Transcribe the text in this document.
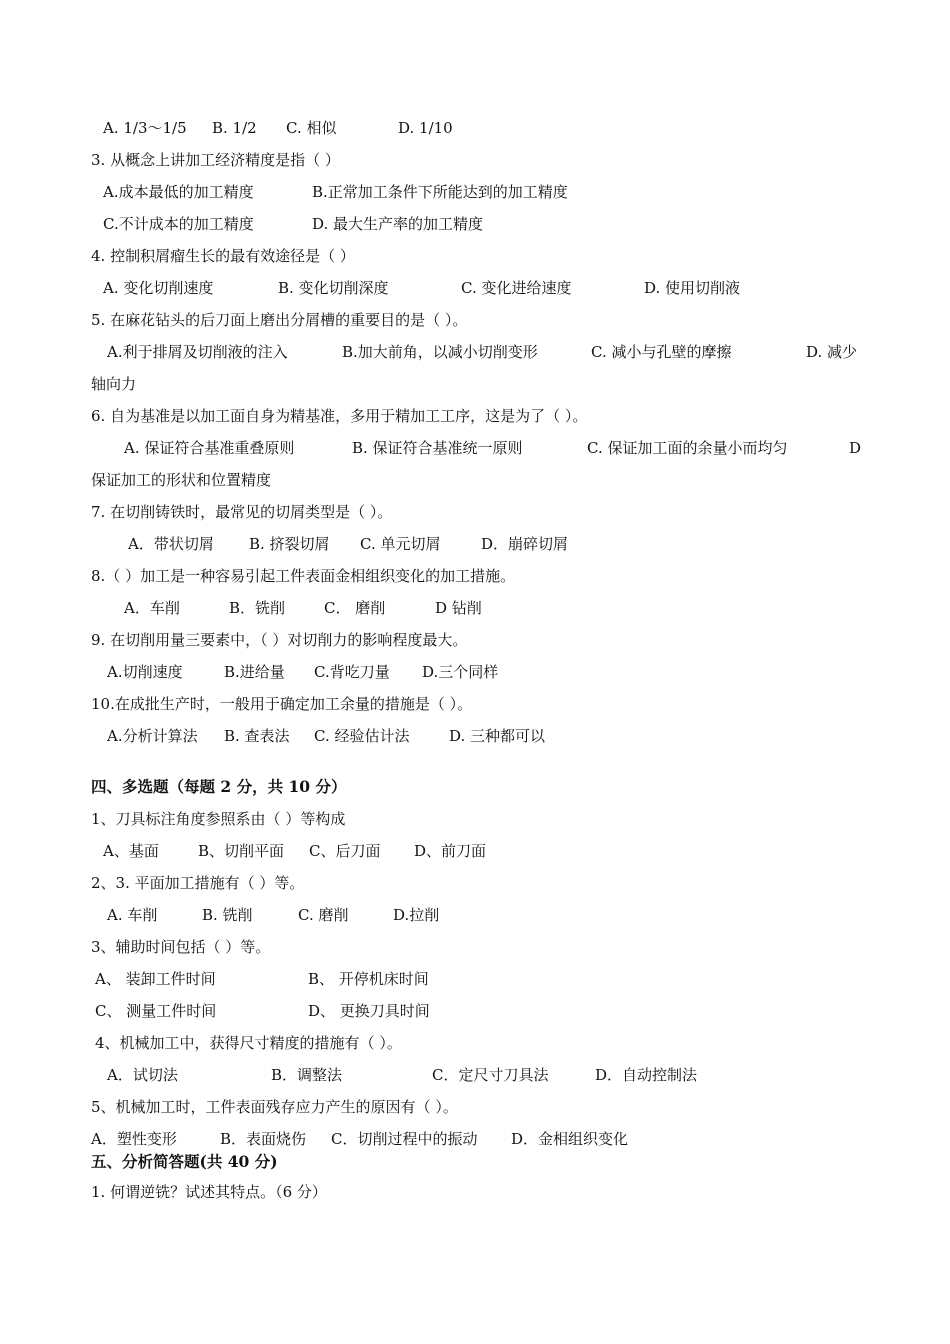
A. 1/3～1/5 B. 1/2 C. 相似	D. 1/10
3. 从概念上讲加工经济精度是指（ ）
A.成本最低的加工精度	B.正常加工条件下所能达到的加工精度
C.不计成本的加工精度	D. 最大生产率的加工精度
4. 控制积屑瘤生长的最有效途径是（ ）
A. 变化切削速度	B. 变化切削深度	C. 变化进给速度	D. 使用切削液
5. 在麻花钻头的后刀面上磨出分屑槽的重要目的是（ ）。
A.利于排屑及切削液的注入	B.加大前角，以减小切削变形	C. 减小与孔壁的摩擦	D. 减少
轴向力
6. 自为基准是以加工面自身为精基准，多用于精加工工序，这是为了（ ）。
A. 保证符合基准重叠原则	B. 保证符合基准统一原则	C. 保证加工面的余量小而均匀	D
保证加工的形状和位置精度
7. 在切削铸铁时，最常见的切屑类型是（ ）。
A．带状切屑 B. 挤裂切屑 C. 单元切屑	D．崩碎切屑
8.（ ）加工是一种容易引起工件表面金相组织变化的加工措施。
A．车削	B．铣削	C． 磨削	D 钻削
9. 在切削用量三要素中，（ ）对切削力的影响程度最大。
A.切削速度	B.进给量 C.背吃刀量 D.三个同样
10.在成批生产时，一般用于确定加工余量的措施是（ ）。
A.分析计算法 B. 查表法 C. 经验估计法	D. 三种都可以
四、多选题（每题 2 分，共 10 分）
1、刀具标注角度参照系由（ ）等构成
A、基面	B、切削平面 C、后刀面 D、前刀面
2、3. 平面加工措施有（ ）等。
A. 车削	B. 铣削	C. 磨削	D.拉削
3、辅助时间包括（ ）等。
A、 装卸工件时间	B、 开停机床时间
C、 测量工件时间	D、 更换刀具时间
4、机械加工中，获得尺寸精度的措施有（ ）。
A．试切法	B．调整法	C．定尺寸刀具法	D．自动控制法
5、机械加工时，工件表面残存应力产生的原因有（ ）。
A．塑性变形	B．表面烧伤 C．切削过程中的振动 D．金相组织变化
五、分析简答题(共 40 分)
1. 何谓逆铣？试述其特点。（6 分）
